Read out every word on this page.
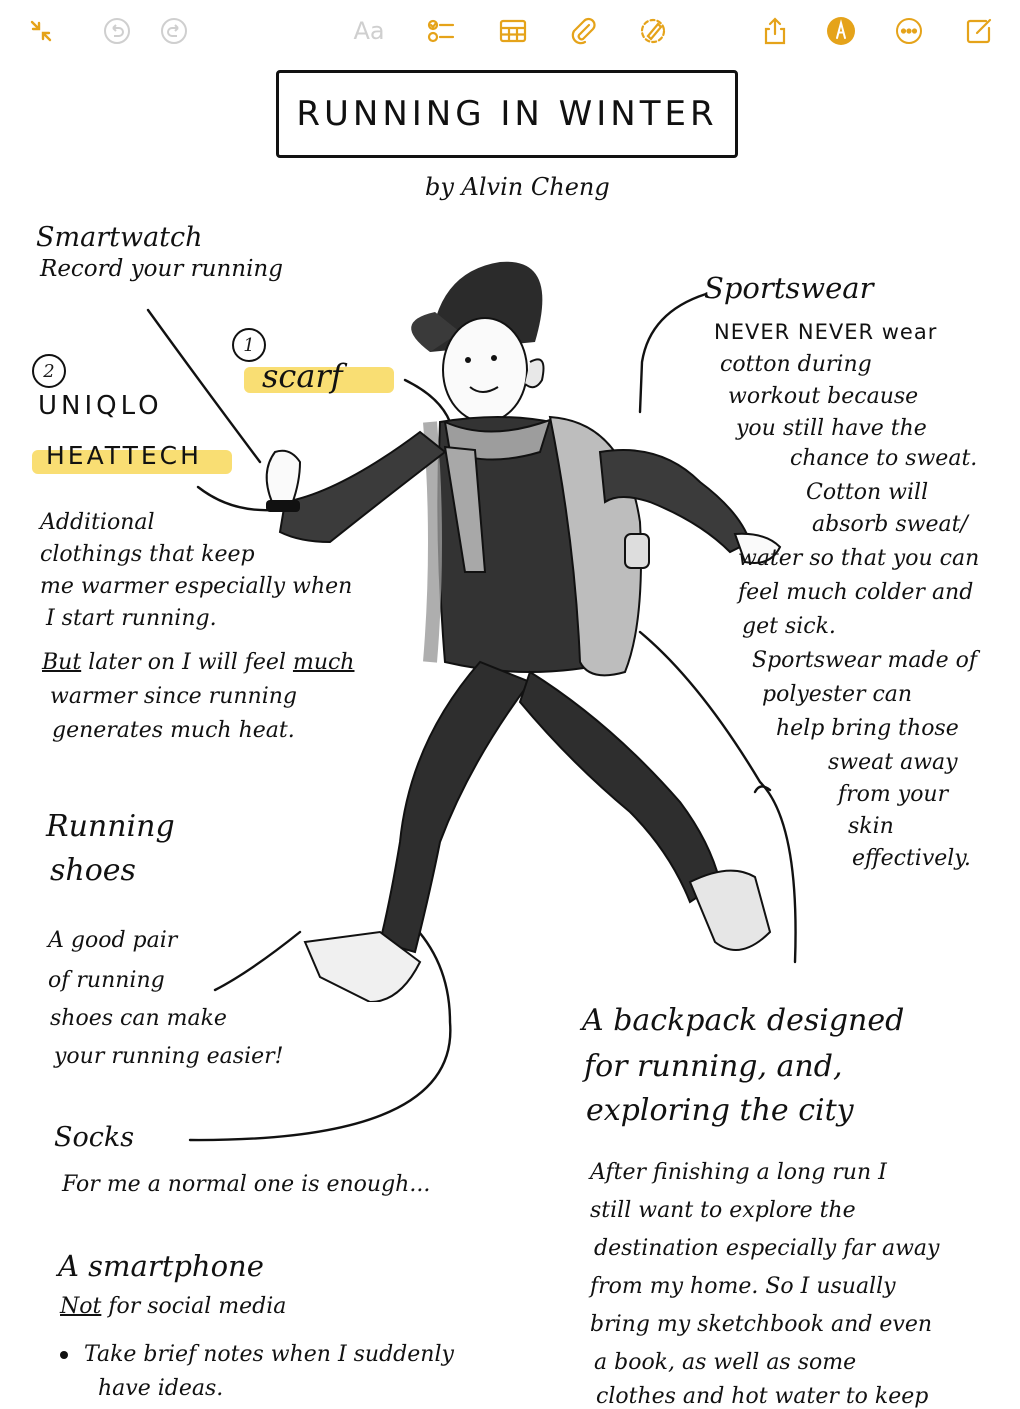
Aa
RUNNING IN WINTER
by Alvin Cheng
Smartwatch
Record your running
1
2	scarf
UNIQLO
HEATTECH
Additional
clothings that keep
me warmer especially when
I start running.
But later on I will feel much
warmer since running
generates much heat.
Sportswear
NEVER NEVER wear
cotton during
workout because
you still have the
chance to sweat.
Cotton will
absorb sweat/
water so that you can
feel much colder and
get sick.
Sportswear made of
polyester can
help bring those
sweat away
from your
skin
effectively.
Running
shoes
A good pair
of running
shoes can make
your running easier!
Socks
For me a normal one is enough...
A smartphone
Not for social media
Take brief notes when I suddenly
have ideas.
A backpack designed
for running, and,
exploring the city
After finishing a long run I
still want to explore the
destination especially far away
from my home. So I usually
bring my sketchbook and even
a book, as well as some
clothes and hot water to keep
